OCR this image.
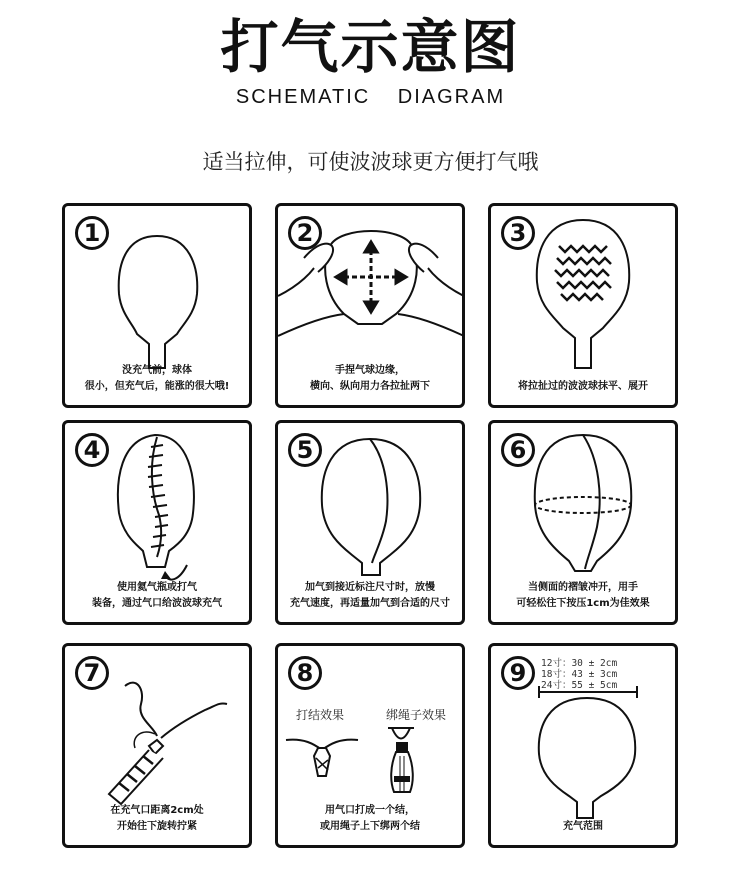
打气示意图
SCHEMATIC DIAGRAM
适当拉伸，可使波波球更方便打气哦
1
没充气前，球体
很小，但充气后，能涨的很大哦!
2
手捏气球边缘，
横向、纵向用力各拉扯两下
3
将拉扯过的波波球抹平、展开
4
使用氦气瓶或打气
装备，通过气口给波波球充气
5
加气到接近标注尺寸时，放慢
充气速度，再适量加气到合适的尺寸
6
当侧面的褶皱冲开，用手
可轻松往下按压1cm为佳效果
7
在充气口距离2cm处
开始往下旋转拧紧
打结效果	绑绳子效果
8
用气口打成一个结，
或用绳子上下绑两个结
12寸：30 ± 2cm
18寸：43 ± 3cm
24寸：55 ± 5cm
9
充气范围
